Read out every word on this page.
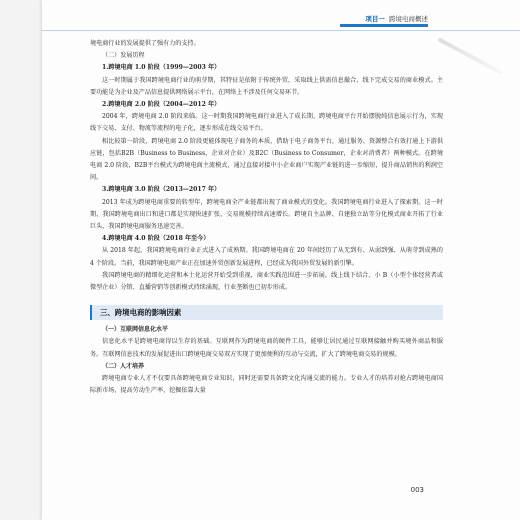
项目一 跨境电商概述

境电商行业的发展提供了强有力的支持。

（二）发展历程
1.跨境电商 1.0 阶段（1999—2003 年）

这一时期属于我国跨境电商行业的萌芽期，其特征是依附于传统外贸，采取线上供需信息撮合、线下完成交易的商业模式。主要功能是为企业及产品信息提供网络展示平台，在网络上不涉及任何交易环节。

2.跨境电商 2.0 阶段（2004—2012 年）

2004 年，跨境电商 2.0 阶段来临。这一时期我国跨境电商行业进入了成长期，跨境电商平台开始摆脱纯信息展示行为，实现线下交易、支付、物流等流程的电子化，逐步形成在线交易平台。

相比较第一阶段，跨境电商 2.0 阶段更能体现电子商务的本质，借助于电子商务平台，通过服务、资源整合有效打通上下游供应链，包括B2B（Business to Business，企业对企业）及B2C（Business to Consumer，企业对消费者）两种模式。在跨境电商 2.0 阶段，B2B平台模式为跨境电商主流模式，通过直接对接中小企业商户实现产业链的进一步缩短，提升商品销售的利润空间。

3.跨境电商 3.0 阶段（2013—2017 年）

2013 年成为跨境电商重要的转型年，跨境电商全产业链都出现了商业模式的变化。我国跨境电商行业进入了探索期。这一时期，我国跨境电商出口和进口都是实现快速扩张，交易规模持续高速增长。跨境自主品牌、自建独立站等分化模式商业开拓了行业巨头，我国跨境电商服务迅速完善。

4.跨境电商 4.0 阶段（2018 年至今）

从 2018 年起，我国跨境电商行业正式进入了成熟期。我国跨境电商在 20 年间经历了从无到有、从弱到强、从萌芽到成熟的 4 个阶段。当前，我国跨境电商产业正在加速外贸创新发展进程，已经成为我国外贸发展的新引擎。

我国跨境电商的精细化运营和本土化运营开始受到重视，商业实践范围进一步拓展。线上线下结合、小 B（小型个体经营者或微型企业）分销、直播营销等创新模式持续涌现，行业垄断也已初步形成。

三、跨境电商的影响因素
（一）互联网信息化水平

信息化水平是跨境电商得以生存的基础。互联网作为跨境电商的硬件工具，能够让居民通过互联网接触并购买境外商品和服务。互联网信息技术的发展促进出口跨境电商交易双方实现了更加便利的互动与交流，扩大了跨境电商交易的规模。

（二）人才培养

跨境电商专业人才不仅要具备跨境电商专业知识，同时还需要具备跨文化沟通交流的能力。专业人才的培养对抢占跨境电商国际新市场，提高劳动生产率，挖掘依靠大量

003
